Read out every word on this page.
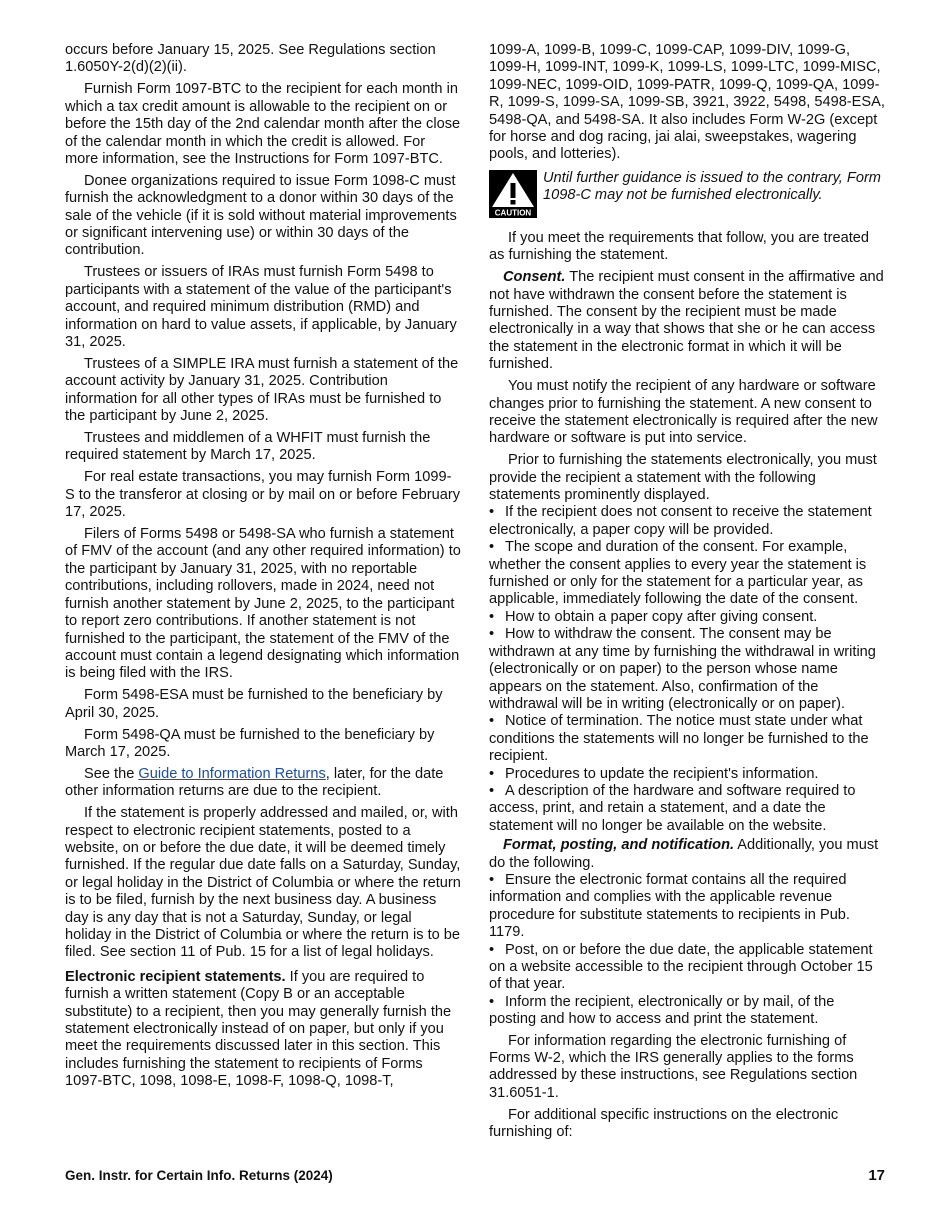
occurs before January 15, 2025. See Regulations section 1.6050Y-2(d)(2)(ii).

Furnish Form 1097-BTC to the recipient for each month in which a tax credit amount is allowable to the recipient on or before the 15th day of the 2nd calendar month after the close of the calendar month in which the credit is allowed. For more information, see the Instructions for Form 1097-BTC.

Donee organizations required to issue Form 1098-C must furnish the acknowledgment to a donor within 30 days of the sale of the vehicle (if it is sold without material improvements or significant intervening use) or within 30 days of the contribution.

Trustees or issuers of IRAs must furnish Form 5498 to participants with a statement of the value of the participant's account, and required minimum distribution (RMD) and information on hard to value assets, if applicable, by January 31, 2025.

Trustees of a SIMPLE IRA must furnish a statement of the account activity by January 31, 2025. Contribution information for all other types of IRAs must be furnished to the participant by June 2, 2025.

Trustees and middlemen of a WHFIT must furnish the required statement by March 17, 2025.

For real estate transactions, you may furnish Form 1099-S to the transferor at closing or by mail on or before February 17, 2025.

Filers of Forms 5498 or 5498-SA who furnish a statement of FMV of the account (and any other required information) to the participant by January 31, 2025, with no reportable contributions, including rollovers, made in 2024, need not furnish another statement by June 2, 2025, to the participant to report zero contributions. If another statement is not furnished to the participant, the statement of the FMV of the account must contain a legend designating which information is being filed with the IRS.

Form 5498-ESA must be furnished to the beneficiary by April 30, 2025.

Form 5498-QA must be furnished to the beneficiary by March 17, 2025.

See the Guide to Information Returns, later, for the date other information returns are due to the recipient.

If the statement is properly addressed and mailed, or, with respect to electronic recipient statements, posted to a website, on or before the due date, it will be deemed timely furnished. If the regular due date falls on a Saturday, Sunday, or legal holiday in the District of Columbia or where the return is to be filed, furnish by the next business day. A business day is any day that is not a Saturday, Sunday, or legal holiday in the District of Columbia or where the return is to be filed. See section 11 of Pub. 15 for a list of legal holidays.

Electronic recipient statements. If you are required to furnish a written statement (Copy B or an acceptable substitute) to a recipient, then you may generally furnish the statement electronically instead of on paper, but only if you meet the requirements discussed later in this section. This includes furnishing the statement to recipients of Forms 1097-BTC, 1098, 1098-E, 1098-F, 1098-Q, 1098-T,

1099-A, 1099-B, 1099-C, 1099-CAP, 1099-DIV, 1099-G, 1099-H, 1099-INT, 1099-K, 1099-LS, 1099-LTC, 1099-MISC, 1099-NEC, 1099-OID, 1099-PATR, 1099-Q, 1099-QA, 1099-R, 1099-S, 1099-SA, 1099-SB, 3921, 3922, 5498, 5498-ESA, 5498-QA, and 5498-SA. It also includes Form W-2G (except for horse and dog racing, jai alai, sweepstakes, wagering pools, and lotteries).

CAUTION
Until further guidance is issued to the contrary, Form 1098-C may not be furnished electronically.

If you meet the requirements that follow, you are treated as furnishing the statement.

Consent. The recipient must consent in the affirmative and not have withdrawn the consent before the statement is furnished. The consent by the recipient must be made electronically in a way that shows that she or he can access the statement in the electronic format in which it will be furnished.

You must notify the recipient of any hardware or software changes prior to furnishing the statement. A new consent to receive the statement electronically is required after the new hardware or software is put into service.

Prior to furnishing the statements electronically, you must provide the recipient a statement with the following statements prominently displayed.

• If the recipient does not consent to receive the statement electronically, a paper copy will be provided.
• The scope and duration of the consent. For example, whether the consent applies to every year the statement is furnished or only for the statement for a particular year, as applicable, immediately following the date of the consent.
• How to obtain a paper copy after giving consent.
• How to withdraw the consent. The consent may be withdrawn at any time by furnishing the withdrawal in writing (electronically or on paper) to the person whose name appears on the statement. Also, confirmation of the withdrawal will be in writing (electronically or on paper).
• Notice of termination. The notice must state under what conditions the statements will no longer be furnished to the recipient.
• Procedures to update the recipient's information.
• A description of the hardware and software required to access, print, and retain a statement, and a date the statement will no longer be available on the website.

Format, posting, and notification. Additionally, you must do the following.

• Ensure the electronic format contains all the required information and complies with the applicable revenue procedure for substitute statements to recipients in Pub. 1179.
• Post, on or before the due date, the applicable statement on a website accessible to the recipient through October 15 of that year.
• Inform the recipient, electronically or by mail, of the posting and how to access and print the statement.

For information regarding the electronic furnishing of Forms W-2, which the IRS generally applies to the forms addressed by these instructions, see Regulations section 31.6051-1.

For additional specific instructions on the electronic furnishing of:

Gen. Instr. for Certain Info. Returns (2024)	17
